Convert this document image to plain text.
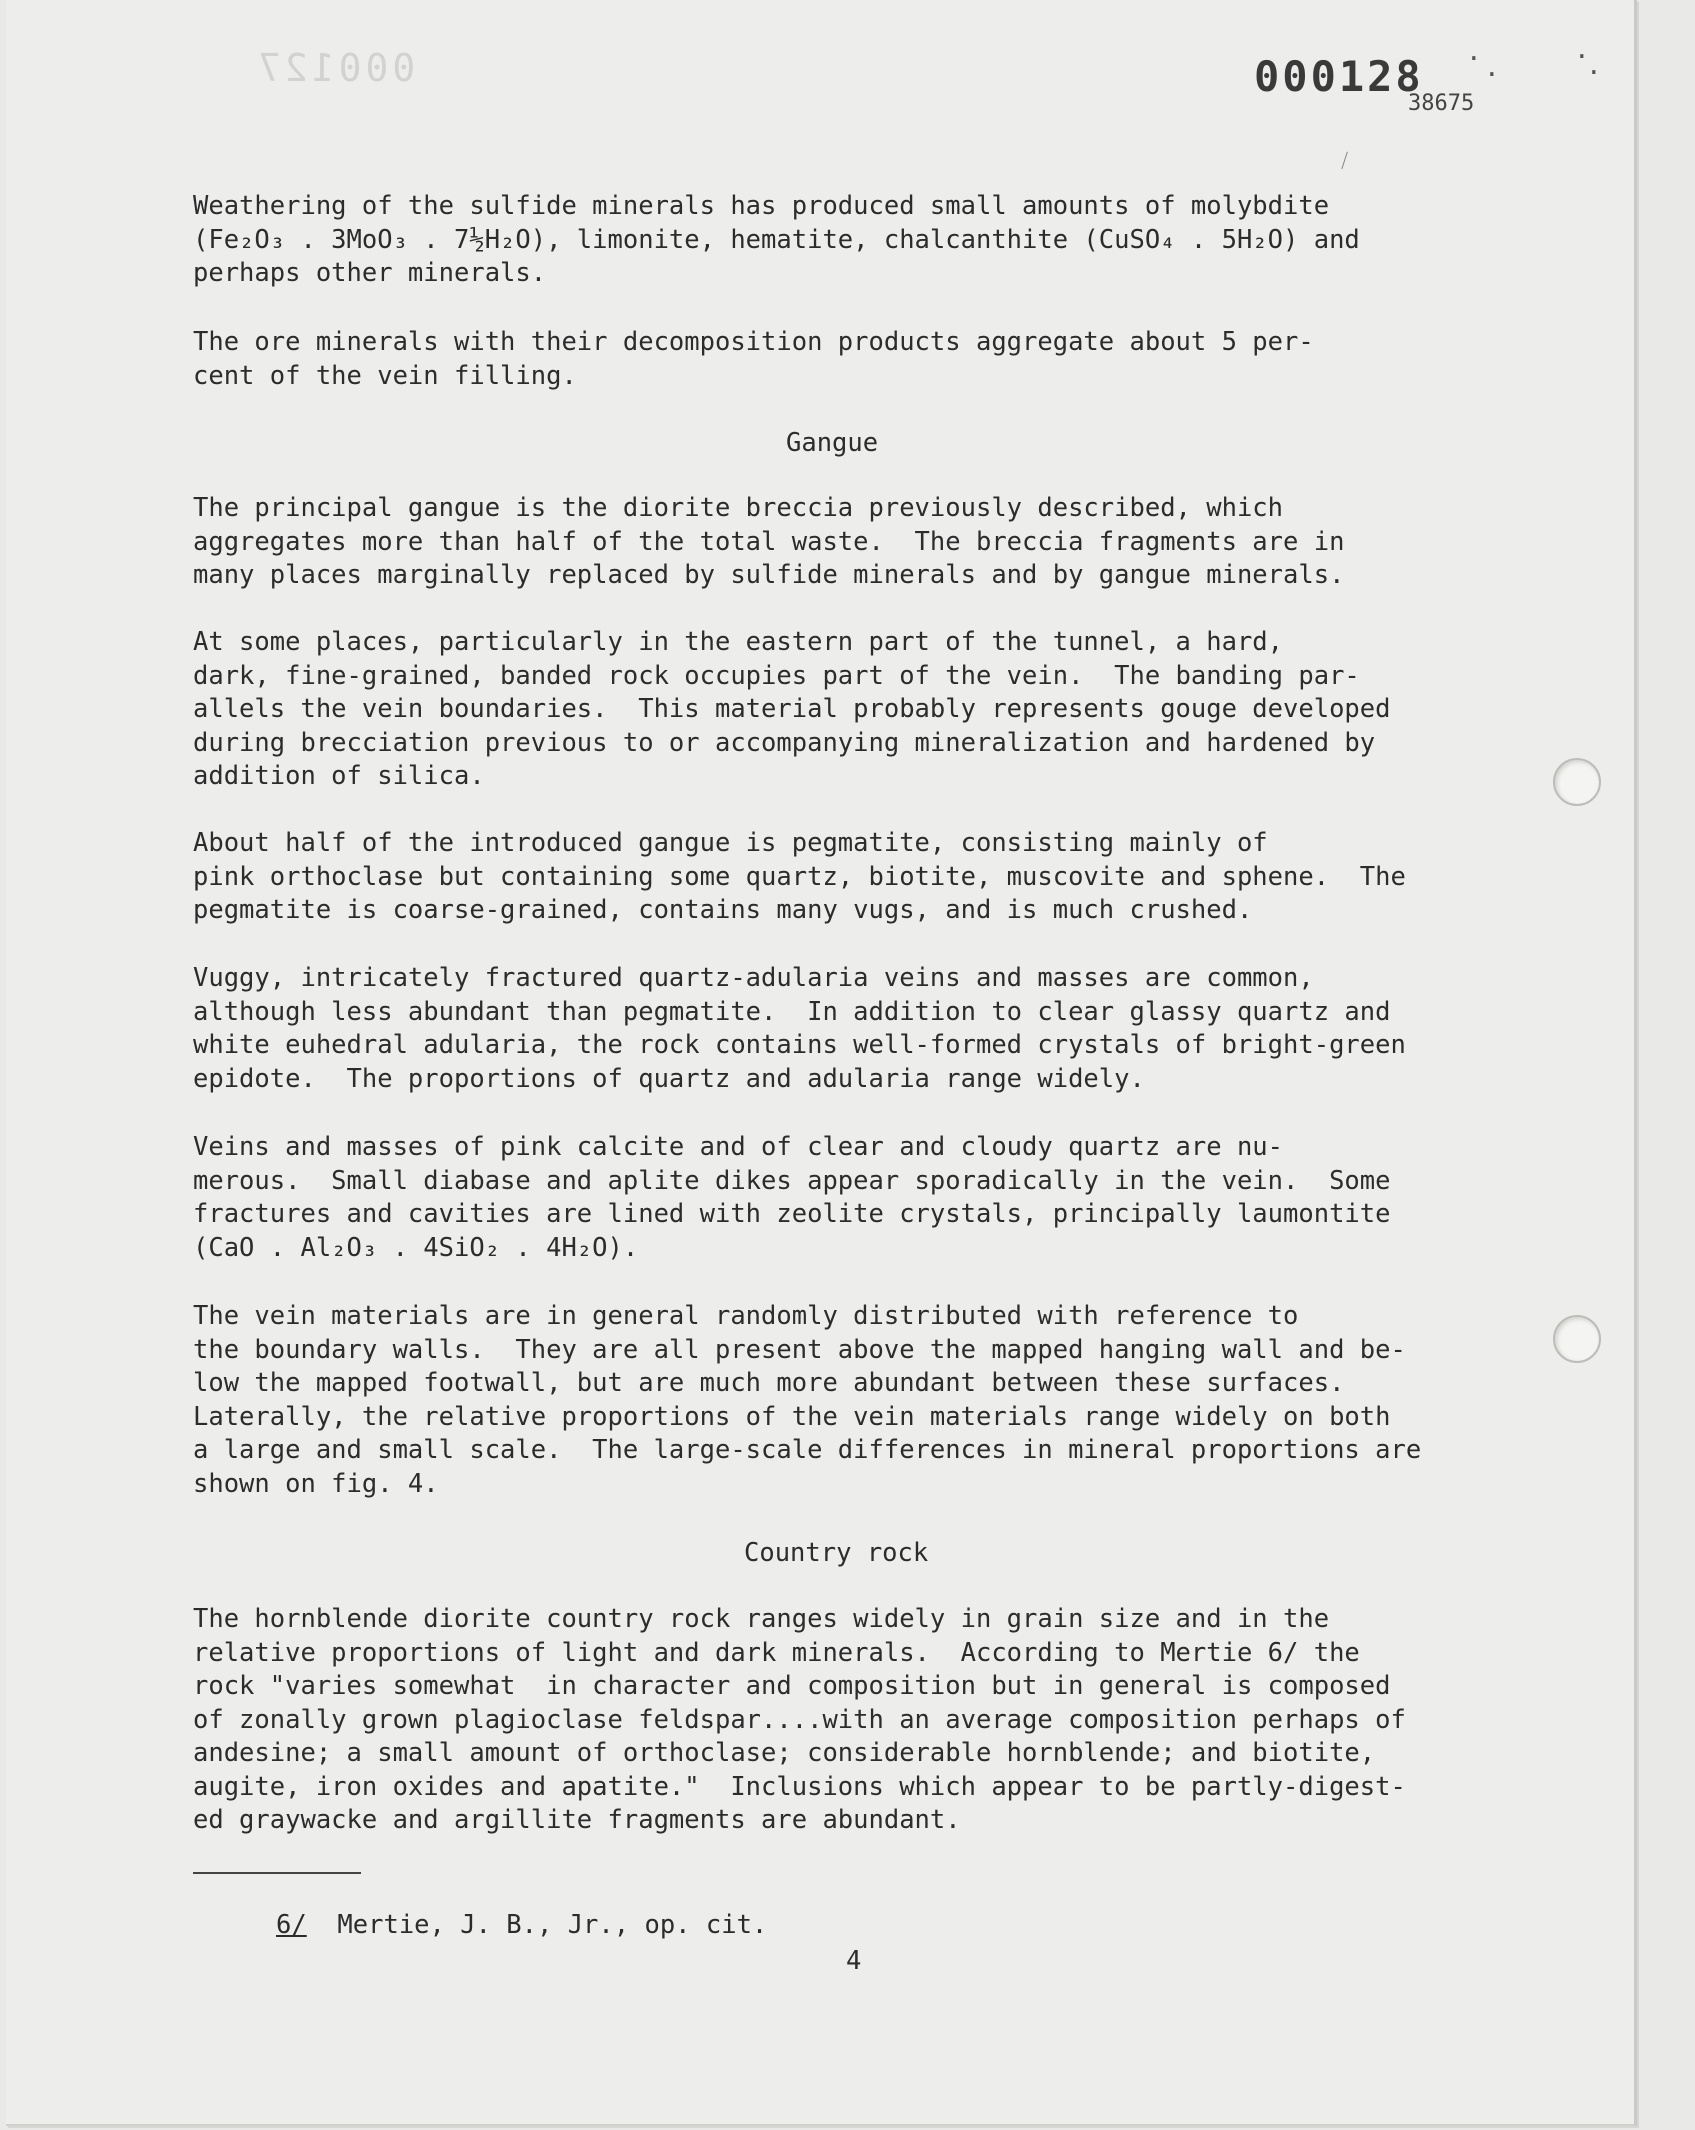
000127	000128
38675
·
·
·
·
Weathering of the sulfide minerals has produced small amounts of molybdite
(Fe₂O₃ . 3MoO₃ . 7½H₂O), limonite, hematite, chalcanthite (CuSO₄ . 5H₂O) and
perhaps other minerals.
The ore minerals with their decomposition products aggregate about 5 per-
cent of the vein filling.
Gangue
The principal gangue is the diorite breccia previously described, which
aggregates more than half of the total waste.  The breccia fragments are in
many places marginally replaced by sulfide minerals and by gangue minerals.
At some places, particularly in the eastern part of the tunnel, a hard,
dark, fine-grained, banded rock occupies part of the vein.  The banding par-
allels the vein boundaries.  This material probably represents gouge developed
during brecciation previous to or accompanying mineralization and hardened by
addition of silica.
About half of the introduced gangue is pegmatite, consisting mainly of
pink orthoclase but containing some quartz, biotite, muscovite and sphene.  The
pegmatite is coarse-grained, contains many vugs, and is much crushed.
Vuggy, intricately fractured quartz-adularia veins and masses are common,
although less abundant than pegmatite.  In addition to clear glassy quartz and
white euhedral adularia, the rock contains well-formed crystals of bright-green
epidote.  The proportions of quartz and adularia range widely.
Veins and masses of pink calcite and of clear and cloudy quartz are nu-
merous.  Small diabase and aplite dikes appear sporadically in the vein.  Some
fractures and cavities are lined with zeolite crystals, principally laumontite
(CaO . Al₂O₃ . 4SiO₂ . 4H₂O).
The vein materials are in general randomly distributed with reference to
the boundary walls.  They are all present above the mapped hanging wall and be-
low the mapped footwall, but are much more abundant between these surfaces.
Laterally, the relative proportions of the vein materials range widely on both
a large and small scale.  The large-scale differences in mineral proportions are
shown on fig. 4.
Country rock
The hornblende diorite country rock ranges widely in grain size and in the
relative proportions of light and dark minerals.  According to Mertie 6/ the
rock "varies somewhat  in character and composition but in general is composed
of zonally grown plagioclase feldspar....with an average composition perhaps of
andesine; a small amount of orthoclase; considerable hornblende; and biotite,
augite, iron oxides and apatite."  Inclusions which appear to be partly-digest-
ed graywacke and argillite fragments are abundant.
6/  Mertie, J. B., Jr., op. cit.
4
